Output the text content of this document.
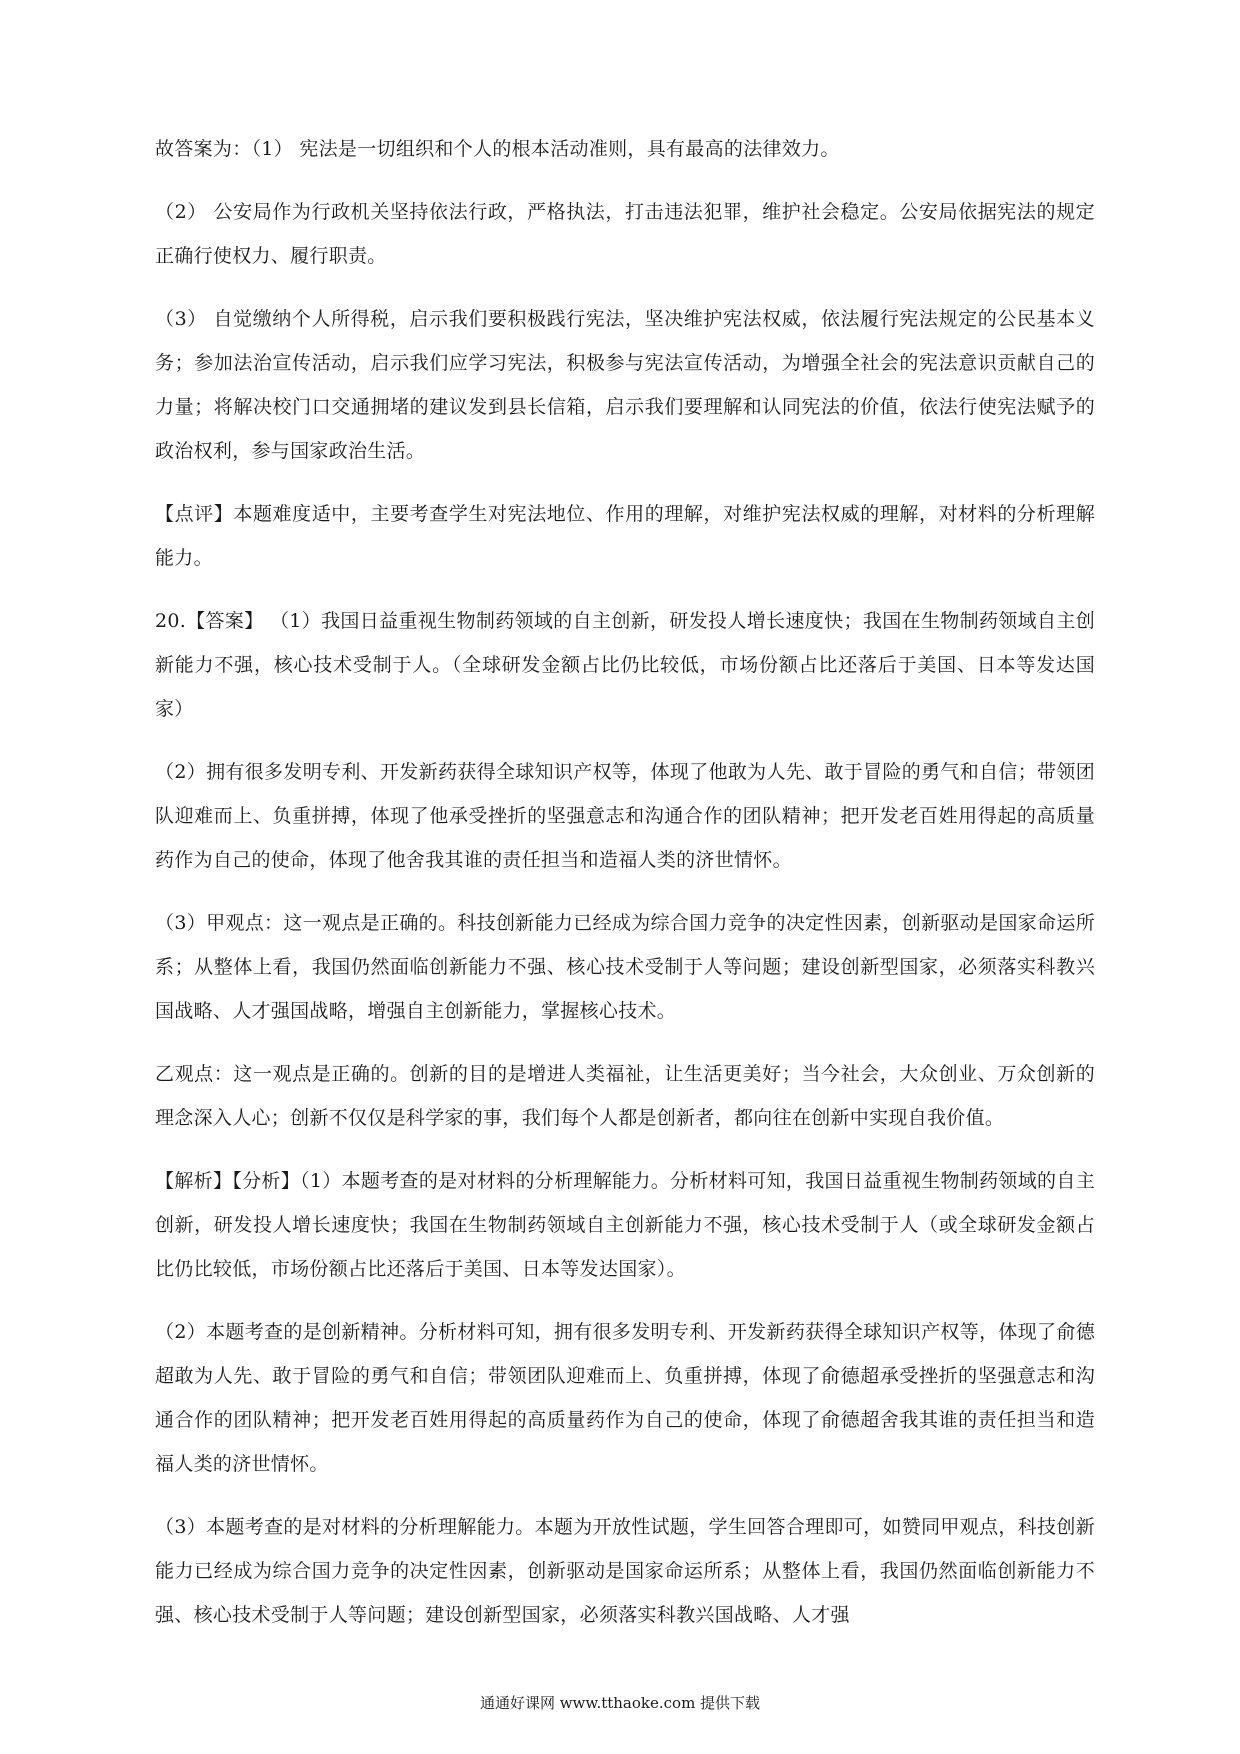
故答案为：（1） 宪法是一切组织和个人的根本活动准则，具有最高的法律效力。

（2） 公安局作为行政机关坚持依法行政，严格执法，打击违法犯罪，维护社会稳定。公安局依据宪法的规定正确行使权力、履行职责。

（3） 自觉缴纳个人所得税，启示我们要积极践行宪法，坚决维护宪法权威，依法履行宪法规定的公民基本义务；参加法治宣传活动，启示我们应学习宪法，积极参与宪法宣传活动，为增强全社会的宪法意识贡献自己的力量；将解决校门口交通拥堵的建议发到县长信箱，启示我们要理解和认同宪法的价值，依法行使宪法赋予的政治权利，参与国家政治生活。

【点评】本题难度适中，主要考查学生对宪法地位、作用的理解，对维护宪法权威的理解，对材料的分析理解能力。

20.【答案】 （1）我国日益重视生物制药领域的自主创新，研发投人增长速度快；我国在生物制药领域自主创新能力不强，核心技术受制于人。（全球研发金额占比仍比较低，市场份额占比还落后于美国、日本等发达国家）

（2）拥有很多发明专利、开发新药获得全球知识产权等，体现了他敢为人先、敢于冒险的勇气和自信；带领团队迎难而上、负重拼搏，体现了他承受挫折的坚强意志和沟通合作的团队精神；把开发老百姓用得起的高质量药作为自己的使命，体现了他舍我其谁的责任担当和造福人类的济世情怀。

（3）甲观点：这一观点是正确的。科技创新能力已经成为综合国力竞争的决定性因素，创新驱动是国家命运所系；从整体上看，我国仍然面临创新能力不强、核心技术受制于人等问题；建设创新型国家，必须落实科教兴国战略、人才强国战略，增强自主创新能力，掌握核心技术。

乙观点：这一观点是正确的。创新的目的是增进人类福祉，让生活更美好；当今社会，大众创业、万众创新的理念深入人心；创新不仅仅是科学家的事，我们每个人都是创新者，都向往在创新中实现自我价值。

【解析】【分析】（1）本题考查的是对材料的分析理解能力。分析材料可知，我国日益重视生物制药领域的自主创新，研发投人增长速度快；我国在生物制药领域自主创新能力不强，核心技术受制于人（或全球研发金额占比仍比较低，市场份额占比还落后于美国、日本等发达国家）。

（2）本题考查的是创新精神。分析材料可知，拥有很多发明专利、开发新药获得全球知识产权等，体现了俞德超敢为人先、敢于冒险的勇气和自信；带领团队迎难而上、负重拼搏，体现了俞德超承受挫折的坚强意志和沟通合作的团队精神；把开发老百姓用得起的高质量药作为自己的使命，体现了俞德超舍我其谁的责任担当和造福人类的济世情怀。

（3）本题考查的是对材料的分析理解能力。本题为开放性试题，学生回答合理即可，如赞同甲观点，科技创新能力已经成为综合国力竞争的决定性因素，创新驱动是国家命运所系；从整体上看，我国仍然面临创新能力不强、核心技术受制于人等问题；建设创新型国家，必须落实科教兴国战略、人才强

通通好课网 www.tthaoke.com 提供下载
